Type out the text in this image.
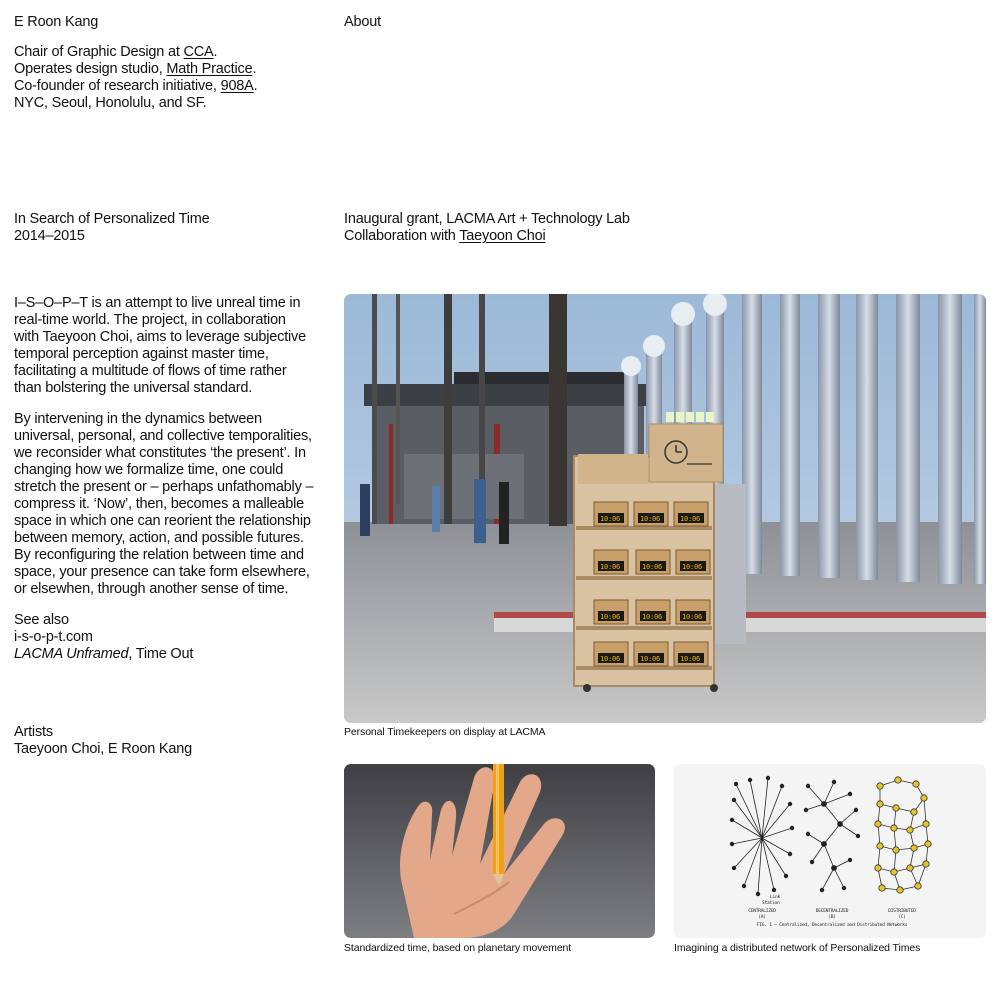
E Roon Kang	About
Chair of Graphic Design at CCA.
Operates design studio, Math Practice.
Co-founder of research initiative, 908A.
NYC, Seoul, Honolulu, and SF.
In Search of Personalized Time
2014–2015
Inaugural grant, LACMA Art + Technology Lab
Collaboration with Taeyoon Choi

I–S–O–P–T is an attempt to live unreal time in
real-time world. The project, in collaboration
with Taeyoon Choi, aims to leverage subjective
temporal perception against master time,
facilitating a multitude of flows of time rather
than bolstering the universal standard.

By intervening in the dynamics between
universal, personal, and collective temporalities,
we reconsider what constitutes ‘the present’. In
changing how we formalize time, one could
stretch the present or – perhaps unfathomably –
compress it. ‘Now’, then, becomes a malleable
space in which one can reorient the relationship
between memory, action, and possible futures.
By reconfiguring the relation between time and
space, your presence can take form elsewhere,
or elsewhen, through another sense of time.

See also
i-s-o-p-t.com
LACMA Unframed, Time Out

Artists
Taeyoon Choi, E Roon Kang
10:06	10:06	10:06
10:06	10:06	10:06
10:06	10:06	10:06
10:06	10:06	10:06
Personal Timekeepers on display at LACMA
Standardized time, based on planetary movement
Link
Station
CENTRALIZED
(A)
DECENTRALIZED
(B)
DISTRIBUTED
(C)
FIG. 1 — Centralized, Decentralized and Distributed Networks
Imagining a distributed network of Personalized Times
